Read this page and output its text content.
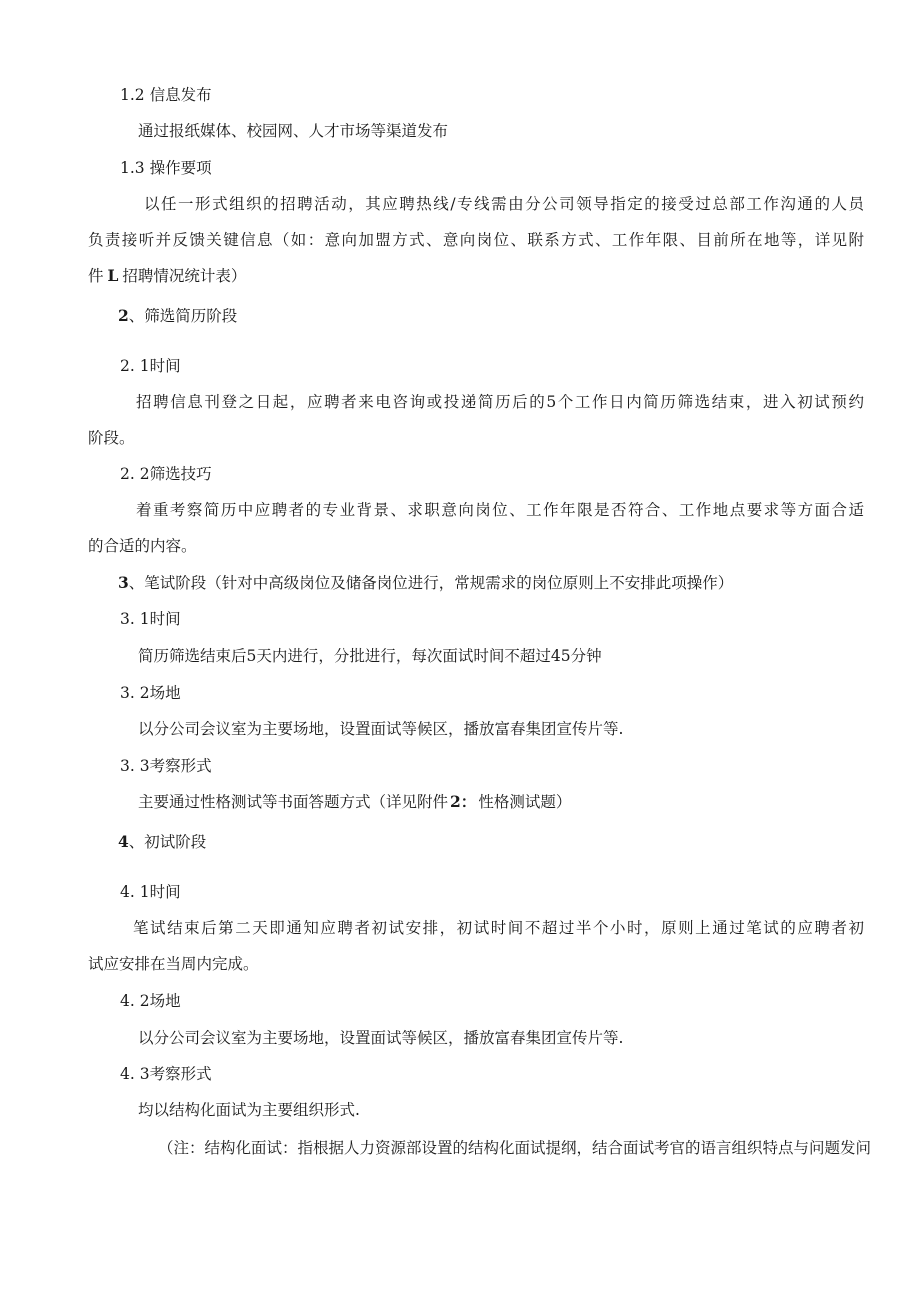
1.2 信息发布

通过报纸媒体、校园网、人才市场等渠道发布

1.3 操作要项

以任一形式组织的招聘活动，其应聘热线/专线需由分公司领导指定的接受过总部工作沟通的人员

负责接听并反馈关键信息（如：意向加盟方式、意向岗位、联系方式、工作年限、目前所在地等，详见附

件 L 招聘情况统计表）

2、筛选简历阶段

2. 1时间

招聘信息刊登之日起，应聘者来电咨询或投递简历后的5个工作日内简历筛选结束，进入初试预约

阶段。

2. 2筛选技巧

着重考察简历中应聘者的专业背景、求职意向岗位、工作年限是否符合、工作地点要求等方面合适

的合适的内容。

3、笔试阶段（针对中高级岗位及储备岗位进行，常规需求的岗位原则上不安排此项操作）

3. 1时间

简历筛选结束后5天内进行，分批进行，每次面试时间不超过45分钟

3. 2场地

以分公司会议室为主要场地，设置面试等候区，播放富春集团宣传片等.

3. 3考察形式

主要通过性格测试等书面答题方式（详见附件 2： 性格测试题）

4、初试阶段

4. 1时间

笔试结束后第二天即通知应聘者初试安排，初试时间不超过半个小时，原则上通过笔试的应聘者初

试应安排在当周内完成。

4. 2场地

以分公司会议室为主要场地，设置面试等候区，播放富春集团宣传片等.

4. 3考察形式

均以结构化面试为主要组织形式.

（注：结构化面试：指根据人力资源部设置的结构化面试提纲，结合面试考官的语言组织特点与问题发问
